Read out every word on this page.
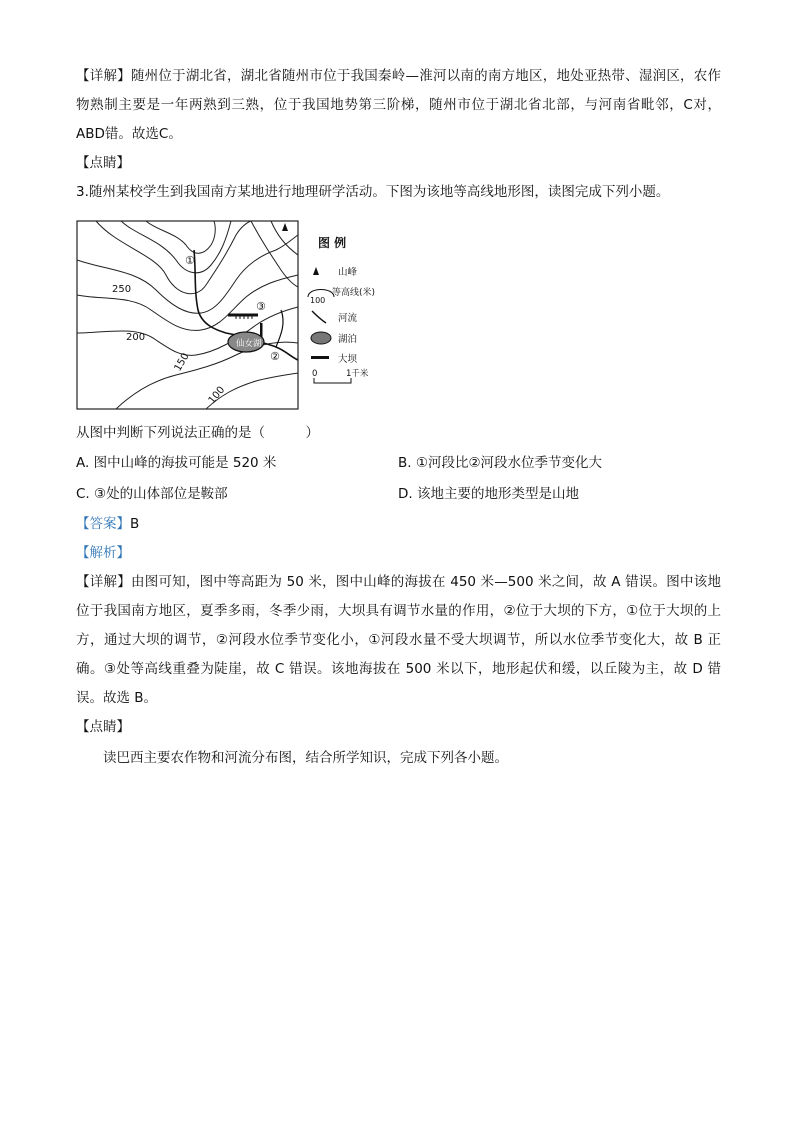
【详解】随州位于湖北省，湖北省随州市位于我国秦岭—淮河以南的南方地区，地处亚热带、湿润区，农作物熟制主要是一年两熟到三熟，位于我国地势第三阶梯，随州市位于湖北省北部，与河南省毗邻，C对，ABD错。故选C。

【点睛】

3.随州某校学生到我国南方某地进行地理研学活动。下图为该地等高线地形图，读图完成下列小题。

仙女湖
250
200
150
100
①
②
③
图 例
山峰
100
等高线(米)
河流
湖泊
大坝
0	1千米

从图中判断下列说法正确的是（　　　）

A. 图中山峰的海拔可能是 520 米	B. ①河段比②河段水位季节变化大
C. ③处的山体部位是鞍部	D. 该地主要的地形类型是山地

【答案】B

【解析】

【详解】由图可知，图中等高距为 50 米，图中山峰的海拔在 450 米—500 米之间，故 A 错误。图中该地位于我国南方地区，夏季多雨，冬季少雨，大坝具有调节水量的作用，②位于大坝的下方，①位于大坝的上方，通过大坝的调节，②河段水位季节变化小，①河段水量不受大坝调节，所以水位季节变化大，故 B 正确。③处等高线重叠为陡崖，故 C 错误。该地海拔在 500 米以下，地形起伏和缓，以丘陵为主，故 D 错误。故选 B。

【点睛】

读巴西主要农作物和河流分布图，结合所学知识，完成下列各小题。
